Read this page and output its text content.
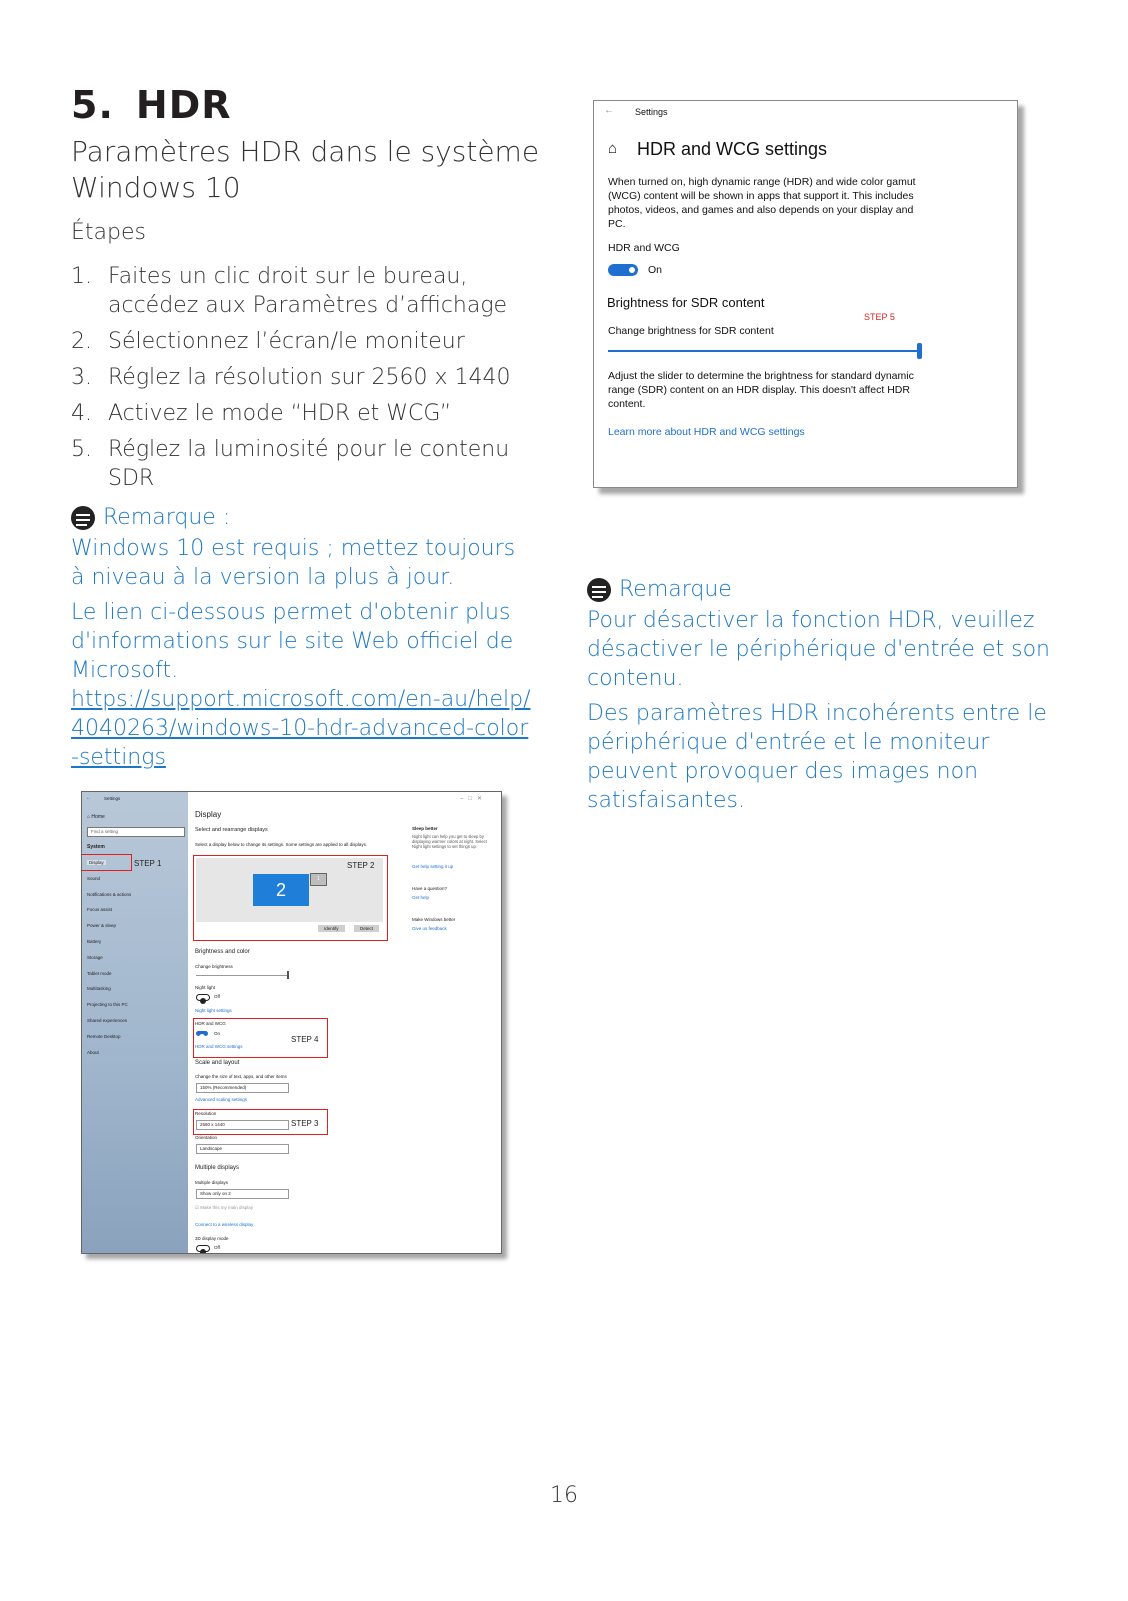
5. HDR
Paramètres HDR dans le système Windows 10
Étapes
1. Faites un clic droit sur le bureau, accédez aux Paramètres d’affichage
2. Sélectionnez l’écran/le moniteur
3. Réglez la résolution sur 2560 x 1440
4. Activez le mode “HDR et WCG”
5. Réglez la luminosité pour le contenu SDR
Remarque :
Windows 10 est requis ; mettez toujours à niveau à la version la plus à jour.
Le lien ci-dessous permet d'obtenir plus d'informations sur le site Web officiel de Microsoft.
https://support.microsoft.com/en-au/help/4040263/windows-10-hdr-advanced-color-settings
←	Settings
⌂ Home
Find a setting
System
Display
Sound
Notifications & actions
Focus assist
Power & sleep
Battery
Storage
Tablet mode
Multitasking
Projecting to this PC
Shared experiences
Remote Desktop
About
STEP 1
Display
Select and rearrange displays
Select a display below to change its settings. Some settings are applied to all displays.
STEP 2
2
1
Identify	Detect
Brightness and color
Change brightness
Night light
Off
Night light settings
HDR and WCG
On
HDR and WCG settings
STEP 4
Scale and layout
Change the size of text, apps, and other items
150% (Recommended)
Advanced scaling settings
Resolution
2560 x 1440	STEP 3
Orientation
Landscape
Multiple displays
Multiple displays
Show only on 2
☑ Make this my main display
Connect to a wireless display
3D display mode
Off
Sleep better
Night light can help you get to sleep by displaying warmer colors at night. Select Night light settings to set things up.
Get help setting it up
Have a question?
Get help
Make Windows better
Give us feedback
–   □   ✕
← Settings
⌂ HDR and WCG settings
When turned on, high dynamic range (HDR) and wide color gamut (WCG) content will be shown in apps that support it. This includes photos, videos, and games and also depends on your display and PC.
HDR and WCG
On
Brightness for SDR content
STEP 5
Change brightness for SDR content
Adjust the slider to determine the brightness for standard dynamic range (SDR) content on an HDR display. This doesn't affect HDR content.
Learn more about HDR and WCG settings
Remarque
Pour désactiver la fonction HDR, veuillez désactiver le périphérique d'entrée et son contenu.
Des paramètres HDR incohérents entre le périphérique d'entrée et le moniteur peuvent provoquer des images non satisfaisantes.
16
